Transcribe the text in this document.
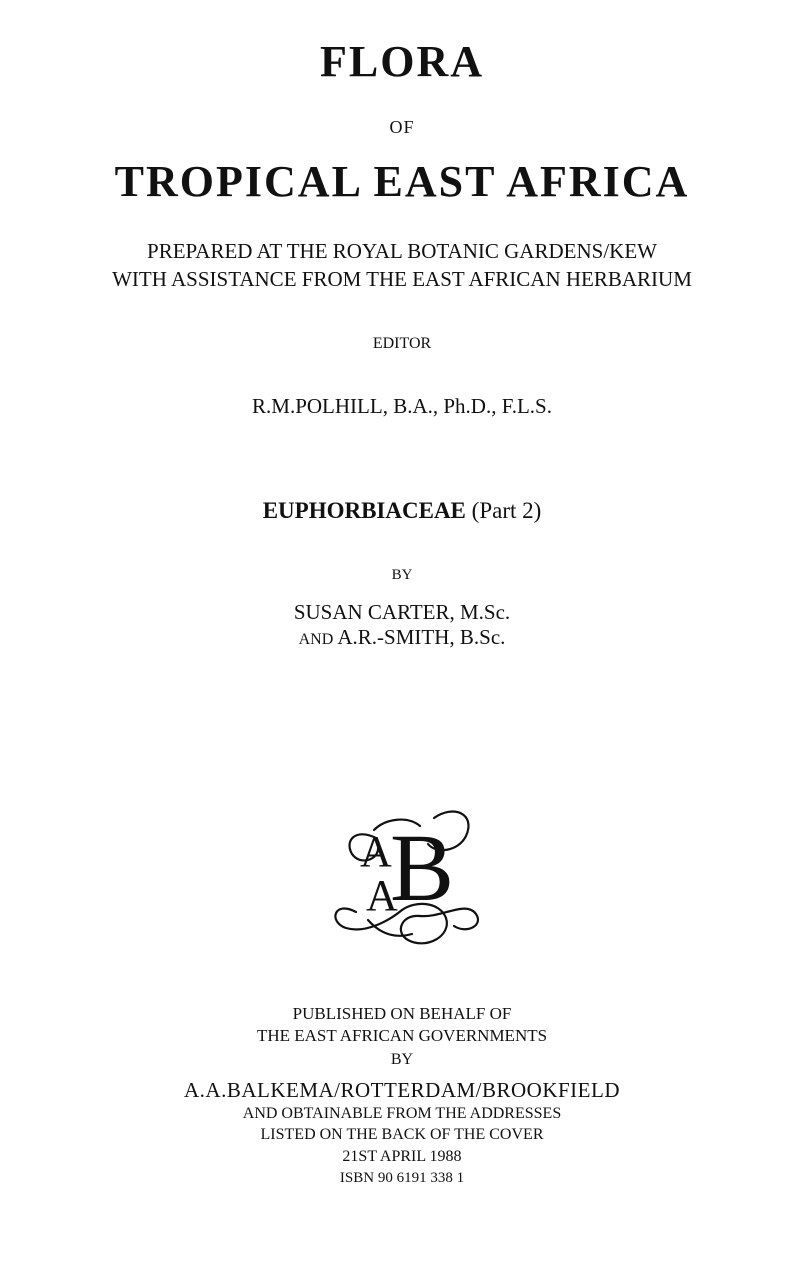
FLORA
OF
TROPICAL EAST AFRICA
PREPARED AT THE ROYAL BOTANIC GARDENS/KEW
WITH ASSISTANCE FROM THE EAST AFRICAN HERBARIUM
EDITOR
R.M.POLHILL, B.A., Ph.D., F.L.S.
EUPHORBIACEAE (Part 2)
BY
SUSAN CARTER, M.Sc.
AND A.R.-SMITH, B.Sc.
A
A
B
PUBLISHED ON BEHALF OF
THE EAST AFRICAN GOVERNMENTS
BY
A.A.BALKEMA/ROTTERDAM/BROOKFIELD
AND OBTAINABLE FROM THE ADDRESSES
LISTED ON THE BACK OF THE COVER
21ST APRIL 1988
ISBN 90 6191 338 1
